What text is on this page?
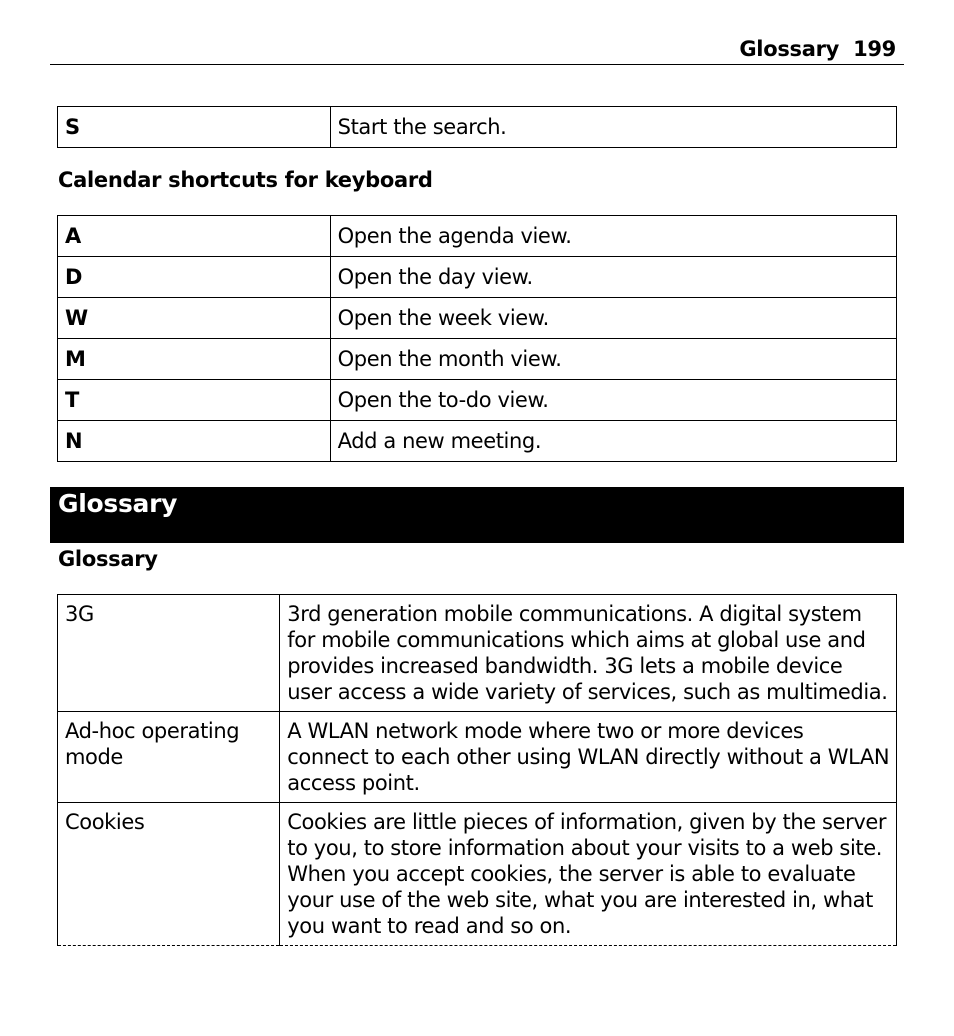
Glossary 199
S	Start the search.
Calendar shortcuts for keyboard
A	Open the agenda view.
D	Open the day view.
W	Open the week view.
M	Open the month view.
T	Open the to-do view.
N	Add a new meeting.
Glossary
Glossary
3G	3rd generation mobile communications. A digital system for mobile communications which aims at global use and provides increased bandwidth. 3G lets a mobile device user access a wide variety of services, such as multimedia.
Ad-hoc operating mode	A WLAN network mode where two or more devices connect to each other using WLAN directly without a WLAN access point.
Cookies	Cookies are little pieces of information, given by the server to you, to store information about your visits to a web site. When you accept cookies, the server is able to evaluate your use of the web site, what you are interested in, what you want to read and so on.
